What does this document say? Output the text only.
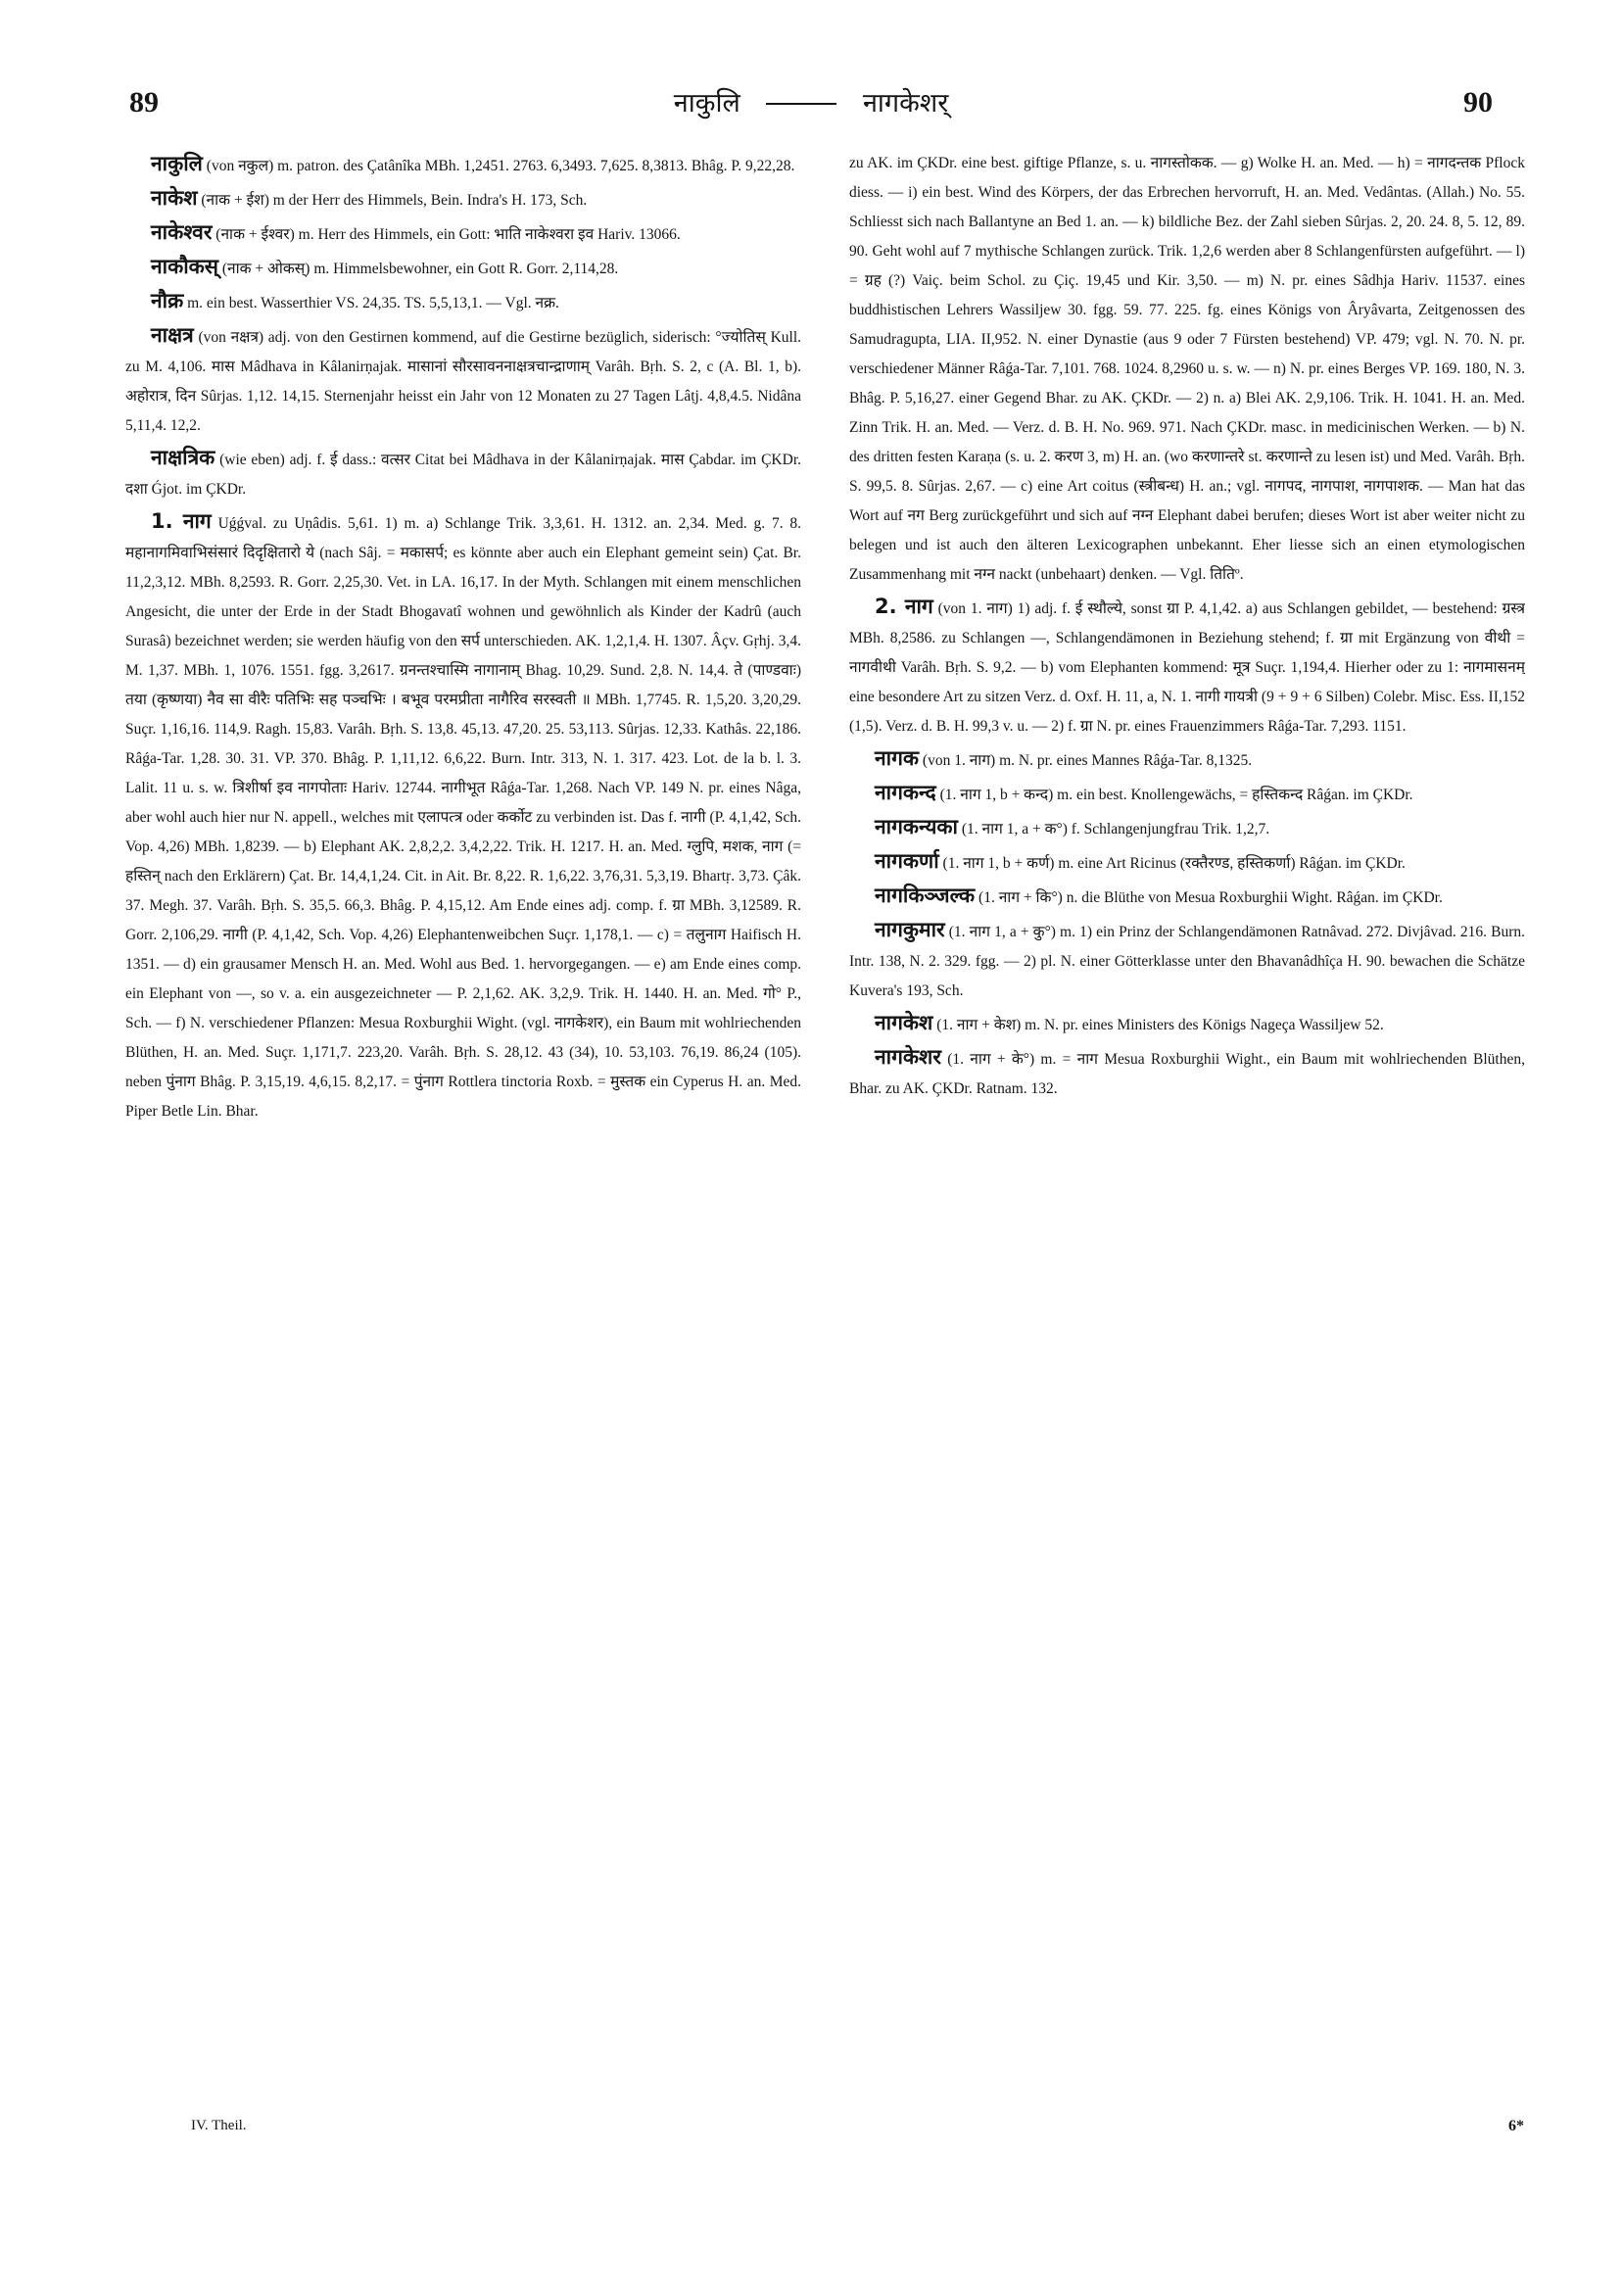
89	नाकुलि	नागकेशर्	90

नाकुलि (von नकुल) m. patron. des Çatânîka MBh. 1,2451. 2763. 6,3493. 7,625. 8,3813. Bhâg. P. 9,22,28.

नाकेश (नाक + ईश) m der Herr des Himmels, Bein. Indra's H. 173, Sch.

नाकेश्वर (नाक + ईश्वर) m. Herr des Himmels, ein Gott: भाति नाकेश्वरा इव Hariv. 13066.

नाकौकस् (नाक + ओकस्) m. Himmelsbewohner, ein Gott R. Gorr. 2,114,28.

नौक्र m. ein best. Wasserthier VS. 24,35. TS. 5,5,13,1. — Vgl. नक्र.

नाक्षत्र (von नक्षत्र) adj. von den Gestirnen kommend, auf die Gestirne bezüglich, siderisch: °ज्योतिस् Kull. zu M. 4,106. मास Mâdhava in Kâlanirṇajak. मासानां सौरसावननाक्षत्रचान्द्राणाम् Varâh. Bṛh. S. 2, c (A. Bl. 1, b). अहोरात्र, दिन Sûrjas. 1,12. 14,15. Sternenjahr heisst ein Jahr von 12 Monaten zu 27 Tagen Lâṭj. 4,8,4.5. Nidâna 5,11,4. 12,2.

नाक्षत्रिक (wie eben) adj. f. ई dass.: वत्सर Citat bei Mâdhava in der Kâlanirṇajak. मास Çabdar. im ÇKDr. दशा Ǵjot. im ÇKDr.

1. नाग Uǵǵval. zu Uṇâdis. 5,61. 1) m. a) Schlange Trik. 3,3,61. H. 1312. an. 2,34. Med. g. 7. 8. महानागमिवाभिसंसारं दिदृक्षितारो ये (nach Sâj. = मकासर्प; es könnte aber auch ein Elephant gemeint sein) Çat. Br. 11,2,3,12. MBh. 8,2593. R. Gorr. 2,25,30. Vet. in LA. 16,17. In der Myth. Schlangen mit einem menschlichen Angesicht, die unter der Erde in der Stadt Bhogavatî wohnen und gewöhnlich als Kinder der Kadrû (auch Surasâ) bezeichnet werden; sie werden häufig von den सर्प unterschieden. AK. 1,2,1,4. H. 1307. Âçv. Gṛhj. 3,4. M. 1,37. MBh. 1, 1076. 1551. fgg. 3,2617. ग्रनन्तश्चास्मि नागानाम् Bhag. 10,29. Sund. 2,8. N. 14,4. ते (पाण्डवाः) तया (कृष्णया) नैव सा वीरैः पतिभिः सह पञ्चभिः । बभूव परमप्रीता नागैरिव सरस्वती ॥ MBh. 1,7745. R. 1,5,20. 3,20,29. Suçr. 1,16,16. 114,9. Ragh. 15,83. Varâh. Bṛh. S. 13,8. 45,13. 47,20. 25. 53,113. Sûrjas. 12,33. Kathâs. 22,186. Râǵa-Tar. 1,28. 30. 31. VP. 370. Bhâg. P. 1,11,12. 6,6,22. Burn. Intr. 313, N. 1. 317. 423. Lot. de la b. l. 3. Lalit. 11 u. s. w. त्रिशीर्षा इव नागपोताः Hariv. 12744. नागीभूत Râǵa-Tar. 1,268. Nach VP. 149 N. pr. eines Nâga, aber wohl auch hier nur N. appell., welches mit एलापत्त्र oder कर्कोट zu verbinden ist. Das f. नागी (P. 4,1,42, Sch. Vop. 4,26) MBh. 1,8239. — b) Elephant AK. 2,8,2,2. 3,4,2,22. Trik. H. 1217. H. an. Med. ग्लुपि, मशक, नाग (= हस्तिन् nach den Erklärern) Çat. Br. 14,4,1,24. Cit. in Ait. Br. 8,22. R. 1,6,22. 3,76,31. 5,3,19. Bhartṛ. 3,73. Çâk. 37. Megh. 37. Varâh. Bṛh. S. 35,5. 66,3. Bhâg. P. 4,15,12. Am Ende eines adj. comp. f. ग्रा MBh. 3,12589. R. Gorr. 2,106,29. नागी (P. 4,1,42, Sch. Vop. 4,26) Elephantenweibchen Suçr. 1,178,1. — c) = तलुनाग Haifisch H. 1351. — d) ein grausamer Mensch H. an. Med. Wohl aus Bed. 1. hervorgegangen. — e) am Ende eines comp. ein Elephant von —, so v. a. ein ausgezeichneter — P. 2,1,62. AK. 3,2,9. Trik. H. 1440. H. an. Med. गो° P., Sch. — f) N. verschiedener Pflanzen: Mesua Roxburghii Wight. (vgl. नागकेशर), ein Baum mit wohlriechenden Blüthen, H. an. Med. Suçr. 1,171,7. 223,20. Varâh. Bṛh. S. 28,12. 43 (34), 10. 53,103. 76,19. 86,24 (105). neben पुंनाग Bhâg. P. 3,15,19. 4,6,15. 8,2,17. = पुंनाग Rottlera tinctoria Roxb. = मुस्तक ein Cyperus H. an. Med. Piper Betle Lin. Bhar.

zu AK. im ÇKDr. eine best. giftige Pflanze, s. u. नागस्तोकक. — g) Wolke H. an. Med. — h) = नागदन्तक Pflock diess. — i) ein best. Wind des Körpers, der das Erbrechen hervorruft, H. an. Med. Vedântas. (Allah.) No. 55. Schliesst sich nach Ballantyne an Bed 1. an. — k) bildliche Bez. der Zahl sieben Sûrjas. 2, 20. 24. 8, 5. 12, 89. 90. Geht wohl auf 7 mythische Schlangen zurück. Trik. 1,2,6 werden aber 8 Schlangenfürsten aufgeführt. — l) = ग्रह (?) Vaiç. beim Schol. zu Çiç. 19,45 und Kir. 3,50. — m) N. pr. eines Sâdhja Hariv. 11537. eines buddhistischen Lehrers Wassiljew 30. fgg. 59. 77. 225. fg. eines Königs von Âryâvarta, Zeitgenossen des Samudragupta, LIA. II,952. N. einer Dynastie (aus 9 oder 7 Fürsten bestehend) VP. 479; vgl. N. 70. N. pr. verschiedener Männer Râǵa-Tar. 7,101. 768. 1024. 8,2960 u. s. w. — n) N. pr. eines Berges VP. 169. 180, N. 3. Bhâg. P. 5,16,27. einer Gegend Bhar. zu AK. ÇKDr. — 2) n. a) Blei AK. 2,9,106. Trik. H. 1041. H. an. Med. Zinn Trik. H. an. Med. — Verz. d. B. H. No. 969. 971. Nach ÇKDr. masc. in medicinischen Werken. — b) N. des dritten festen Karaṇa (s. u. 2. करण 3, m) H. an. (wo करणान्तरे st. करणान्ते zu lesen ist) und Med. Varâh. Bṛh. S. 99,5. 8. Sûrjas. 2,67. — c) eine Art coitus (स्त्रीबन्ध) H. an.; vgl. नागपद, नागपाश, नागपाशक. — Man hat das Wort auf नग Berg zurückgeführt und sich auf नग्न Elephant dabei berufen; dieses Wort ist aber weiter nicht zu belegen und ist auch den älteren Lexicographen unbekannt. Eher liesse sich an einen etymologischen Zusammenhang mit नग्न nackt (unbehaart) denken. — Vgl. तितिº.

2. नाग (von 1. नाग) 1) adj. f. ई स्थौल्ये, sonst ग्रा P. 4,1,42. a) aus Schlangen gebildet, — bestehend: ग्रस्त्र MBh. 8,2586. zu Schlangen —, Schlangendämonen in Beziehung stehend; f. ग्रा mit Ergänzung von वीथी = नागवीथी Varâh. Bṛh. S. 9,2. — b) vom Elephanten kommend: मूत्र Suçr. 1,194,4. Hierher oder zu 1: नागमासनम् eine besondere Art zu sitzen Verz. d. Oxf. H. 11, a, N. 1. नागी गायत्री (9 + 9 + 6 Silben) Colebr. Misc. Ess. II,152 (1,5). Verz. d. B. H. 99,3 v. u. — 2) f. ग्रा N. pr. eines Frauenzimmers Râǵa-Tar. 7,293. 1151.

नागक (von 1. नाग) m. N. pr. eines Mannes Râǵa-Tar. 8,1325.

नागकन्द (1. नाग 1, b + कन्द) m. ein best. Knollengewächs, = हस्तिकन्द Râǵan. im ÇKDr.

नागकन्यका (1. नाग 1, a + क°) f. Schlangenjungfrau Trik. 1,2,7.

नागकर्णा (1. नाग 1, b + कर्ण) m. eine Art Ricinus (रक्तैरण्ड, हस्तिकर्णा) Râǵan. im ÇKDr.

नागकिञ्जल्क (1. नाग + कि°) n. die Blüthe von Mesua Roxburghii Wight. Râǵan. im ÇKDr.

नागकुमार (1. नाग 1, a + कु°) m. 1) ein Prinz der Schlangendämonen Ratnâvad. 272. Divjâvad. 216. Burn. Intr. 138, N. 2. 329. fgg. — 2) pl. N. einer Götterklasse unter den Bhavanâdhîça H. 90. bewachen die Schätze Kuvera's 193, Sch.

नागकेश (1. नाग + केश) m. N. pr. eines Ministers des Königs Nageça Wassiljew 52.

नागकेशर (1. नाग + के°) m. = नाग Mesua Roxburghii Wight., ein Baum mit wohlriechenden Blüthen, Bhar. zu AK. ÇKDr. Ratnam. 132.

IV. Theil.	6*
